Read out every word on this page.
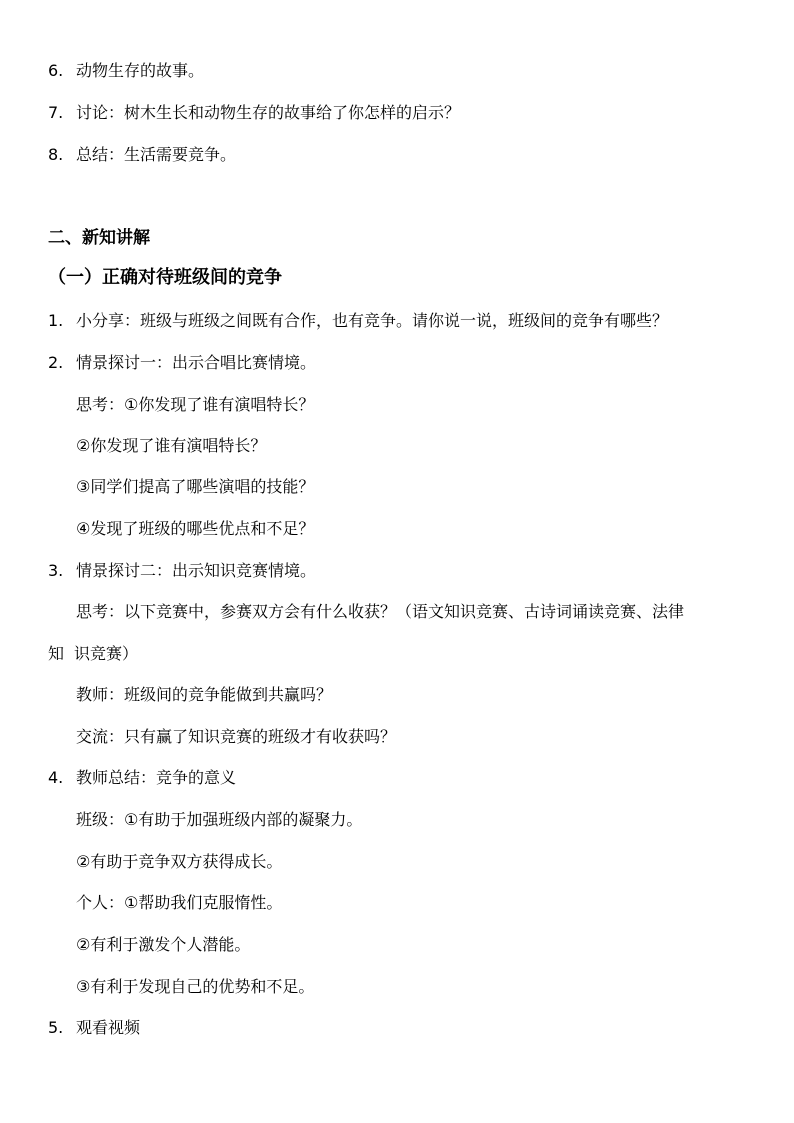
6. 动物生存的故事。
7. 讨论：树木生长和动物生存的故事给了你怎样的启示？
8. 总结：生活需要竞争。
二、新知讲解
（一）正确对待班级间的竞争
1. 小分享：班级与班级之间既有合作，也有竞争。请你说一说，班级间的竞争有哪些？
2. 情景探讨一：出示合唱比赛情境。
思考：①你发现了谁有演唱特长？
②你发现了谁有演唱特长？
③同学们提高了哪些演唱的技能？
④发现了班级的哪些优点和不足？
3. 情景探讨二：出示知识竞赛情境。
思考：以下竞赛中，参赛双方会有什么收获？（语文知识竞赛、古诗词诵读竞赛、法律
知 识竞赛）
教师：班级间的竞争能做到共赢吗？
交流：只有赢了知识竞赛的班级才有收获吗？
4. 教师总结：竞争的意义
班级：①有助于加强班级内部的凝聚力。
②有助于竞争双方获得成长。
个人：①帮助我们克服惰性。
②有利于激发个人潜能。
③有利于发现自己的优势和不足。
5. 观看视频
